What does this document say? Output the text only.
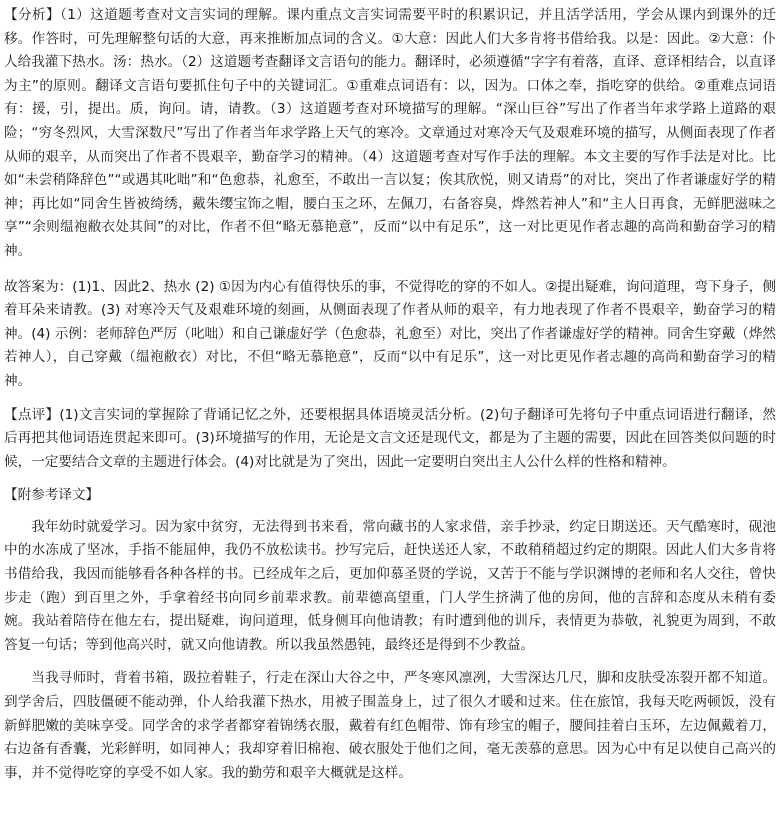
【分析】（1）这道题考查对文言实词的理解。课内重点文言实词需要平时的积累识记，并且活学活用，学会从课内到课外的迁移。作答时，可先理解整句话的大意，再来推断加点词的含义。①大意：因此人们大多肯将书借给我。以是：因此。②大意：仆人给我灌下热水。汤：热水。（2）这道题考查翻译文言语句的能力。翻译时，必须遵循“字字有着落，直译、意译相结合，以直译为主”的原则。翻译文言语句要抓住句子中的关键词汇。①重难点词语有：以，因为。口体之奉，指吃穿的供给。②重难点词语有：援，引，提出。质，询问。请，请教。（3）这道题考查对环境描写的理解。“深山巨谷”写出了作者当年求学路上道路的艰险；“穷冬烈风，大雪深数尺”写出了作者当年求学路上天气的寒冷。文章通过对寒冷天气及艰难环境的描写，从侧面表现了作者从师的艰辛，从而突出了作者不畏艰辛，勤奋学习的精神。（4）这道题考查对写作手法的理解。本文主要的写作手法是对比。比如“未尝稍降辞色”“或遇其叱咄”和“色愈恭，礼愈至，不敢出一言以复；俟其欣悦，则又请焉”的对比，突出了作者谦虚好学的精神；再比如“同舍生皆被绮绣，戴朱缨宝饰之帽，腰白玉之环，左佩刀，右备容臭，烨然若神人”和“主人日再食，无鲜肥滋味之享”“余则缊袍敝衣处其间”的对比，作者不但“略无慕艳意”，反而“以中有足乐”，这一对比更见作者志趣的高尚和勤奋学习的精神。

故答案为：(1)1、因此2、热水 (2) ①因为内心有值得快乐的事，不觉得吃的穿的不如人。②提出疑难，询问道理，弯下身子，侧着耳朵来请教。(3) 对寒冷天气及艰难环境的刻画，从侧面表现了作者从师的艰辛，有力地表现了作者不畏艰辛，勤奋学习的精神。(4) 示例：老师辞色严厉（叱咄）和自己谦虚好学（色愈恭，礼愈至）对比，突出了作者谦虚好学的精神。同舍生穿戴（烨然若神人），自己穿戴（缊袍敝衣）对比，不但“略无慕艳意”，反而“以中有足乐”，这一对比更见作者志趣的高尚和勤奋学习的精神。

【点评】(1)文言实词的掌握除了背诵记忆之外，还要根据具体语境灵活分析。(2)句子翻译可先将句子中重点词语进行翻译，然后再把其他词语连贯起来即可。(3)环境描写的作用，无论是文言文还是现代文，都是为了主题的需要，因此在回答类似问题的时候，一定要结合文章的主题进行体会。(4)对比就是为了突出，因此一定要明白突出主人公什么样的性格和精神。

【附参考译文】

我年幼时就爱学习。因为家中贫穷，无法得到书来看，常向藏书的人家求借，亲手抄录，约定日期送还。天气酷寒时，砚池中的水冻成了坚冰，手指不能屈伸，我仍不放松读书。抄写完后，赶快送还人家，不敢稍稍超过约定的期限。因此人们大多肯将书借给我，我因而能够看各种各样的书。已经成年之后，更加仰慕圣贤的学说，又苦于不能与学识渊博的老师和名人交往，曾快步走（跑）到百里之外，手拿着经书向同乡前辈求教。前辈德高望重，门人学生挤满了他的房间，他的言辞和态度从未稍有委婉。我站着陪侍在他左右，提出疑难，询问道理，低身侧耳向他请教；有时遭到他的训斥，表情更为恭敬，礼貌更为周到，不敢答复一句话；等到他高兴时，就又向他请教。所以我虽然愚钝，最终还是得到不少教益。

当我寻师时，背着书箱，趿拉着鞋子，行走在深山大谷之中，严冬寒风凛冽，大雪深达几尺，脚和皮肤受冻裂开都不知道。到学舍后，四肢僵硬不能动弹，仆人给我灌下热水，用被子围盖身上，过了很久才暖和过来。住在旅馆，我每天吃两顿饭，没有新鲜肥嫩的美味享受。同学舍的求学者都穿着锦绣衣服，戴着有红色帽带、饰有珍宝的帽子，腰间挂着白玉环，左边佩戴着刀，右边备有香囊，光彩鲜明，如同神人；我却穿着旧棉袍、破衣服处于他们之间，毫无羡慕的意思。因为心中有足以使自己高兴的事，并不觉得吃穿的享受不如人家。我的勤劳和艰辛大概就是这样。
